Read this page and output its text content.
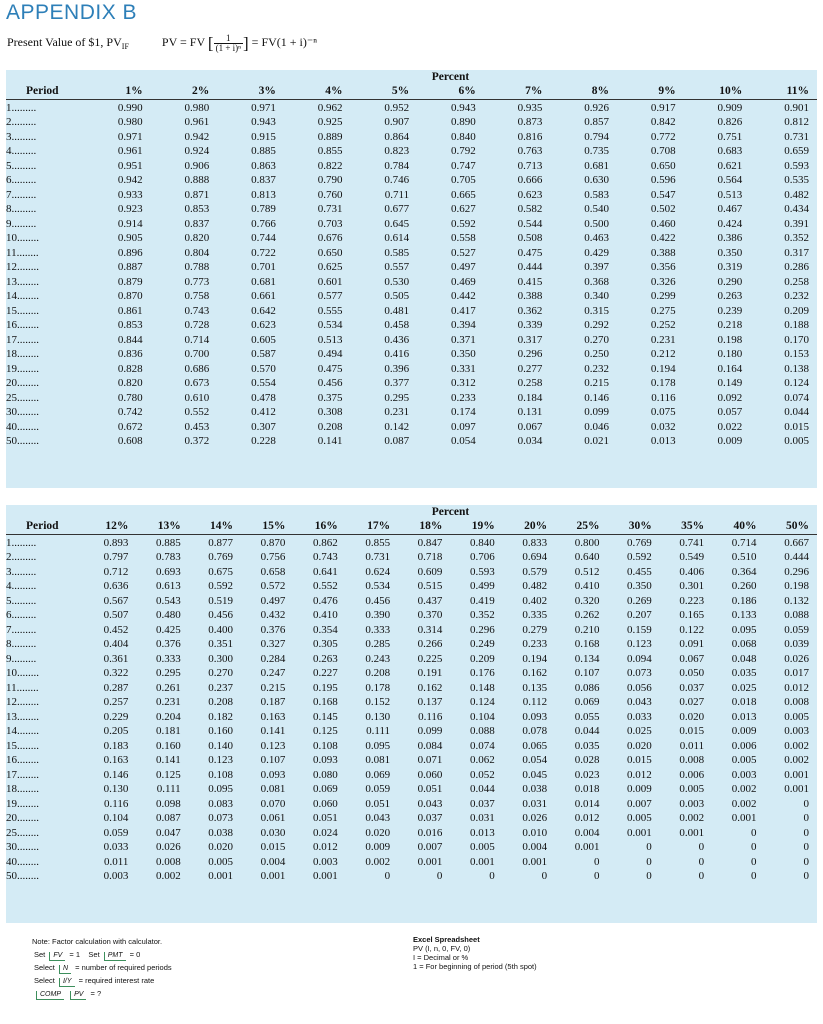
APPENDIX B
Present Value of $1, $PV_{IF}$	PV = FV [ $\frac{1}{\text{(1 + i)ⁿ}}$ ] = FV(1 + i)⁻ⁿ
	Percent										
Period	1%	2%	3%	4%	5%	6%	7%	8%	9%	10%	11%
1.........	0.990	0.980	0.971	0.962	0.952	0.943	0.935	0.926	0.917	0.909	0.901
2.........	0.980	0.961	0.943	0.925	0.907	0.890	0.873	0.857	0.842	0.826	0.812
3.........	0.971	0.942	0.915	0.889	0.864	0.840	0.816	0.794	0.772	0.751	0.731
4.........	0.961	0.924	0.885	0.855	0.823	0.792	0.763	0.735	0.708	0.683	0.659
5.........	0.951	0.906	0.863	0.822	0.784	0.747	0.713	0.681	0.650	0.621	0.593
6.........	0.942	0.888	0.837	0.790	0.746	0.705	0.666	0.630	0.596	0.564	0.535
7.........	0.933	0.871	0.813	0.760	0.711	0.665	0.623	0.583	0.547	0.513	0.482
8.........	0.923	0.853	0.789	0.731	0.677	0.627	0.582	0.540	0.502	0.467	0.434
9.........	0.914	0.837	0.766	0.703	0.645	0.592	0.544	0.500	0.460	0.424	0.391
10........	0.905	0.820	0.744	0.676	0.614	0.558	0.508	0.463	0.422	0.386	0.352
11........	0.896	0.804	0.722	0.650	0.585	0.527	0.475	0.429	0.388	0.350	0.317
12........	0.887	0.788	0.701	0.625	0.557	0.497	0.444	0.397	0.356	0.319	0.286
13........	0.879	0.773	0.681	0.601	0.530	0.469	0.415	0.368	0.326	0.290	0.258
14........	0.870	0.758	0.661	0.577	0.505	0.442	0.388	0.340	0.299	0.263	0.232
15........	0.861	0.743	0.642	0.555	0.481	0.417	0.362	0.315	0.275	0.239	0.209
16........	0.853	0.728	0.623	0.534	0.458	0.394	0.339	0.292	0.252	0.218	0.188
17........	0.844	0.714	0.605	0.513	0.436	0.371	0.317	0.270	0.231	0.198	0.170
18........	0.836	0.700	0.587	0.494	0.416	0.350	0.296	0.250	0.212	0.180	0.153
19........	0.828	0.686	0.570	0.475	0.396	0.331	0.277	0.232	0.194	0.164	0.138
20........	0.820	0.673	0.554	0.456	0.377	0.312	0.258	0.215	0.178	0.149	0.124
25........	0.780	0.610	0.478	0.375	0.295	0.233	0.184	0.146	0.116	0.092	0.074
30........	0.742	0.552	0.412	0.308	0.231	0.174	0.131	0.099	0.075	0.057	0.044
40........	0.672	0.453	0.307	0.208	0.142	0.097	0.067	0.046	0.032	0.022	0.015
50........	0.608	0.372	0.228	0.141	0.087	0.054	0.034	0.021	0.013	0.009	0.005
	Percent													
Period	12%	13%	14%	15%	16%	17%	18%	19%	20%	25%	30%	35%	40%	50%
1.........	0.893	0.885	0.877	0.870	0.862	0.855	0.847	0.840	0.833	0.800	0.769	0.741	0.714	0.667
2.........	0.797	0.783	0.769	0.756	0.743	0.731	0.718	0.706	0.694	0.640	0.592	0.549	0.510	0.444
3.........	0.712	0.693	0.675	0.658	0.641	0.624	0.609	0.593	0.579	0.512	0.455	0.406	0.364	0.296
4.........	0.636	0.613	0.592	0.572	0.552	0.534	0.515	0.499	0.482	0.410	0.350	0.301	0.260	0.198
5.........	0.567	0.543	0.519	0.497	0.476	0.456	0.437	0.419	0.402	0.320	0.269	0.223	0.186	0.132
6.........	0.507	0.480	0.456	0.432	0.410	0.390	0.370	0.352	0.335	0.262	0.207	0.165	0.133	0.088
7.........	0.452	0.425	0.400	0.376	0.354	0.333	0.314	0.296	0.279	0.210	0.159	0.122	0.095	0.059
8.........	0.404	0.376	0.351	0.327	0.305	0.285	0.266	0.249	0.233	0.168	0.123	0.091	0.068	0.039
9.........	0.361	0.333	0.300	0.284	0.263	0.243	0.225	0.209	0.194	0.134	0.094	0.067	0.048	0.026
10........	0.322	0.295	0.270	0.247	0.227	0.208	0.191	0.176	0.162	0.107	0.073	0.050	0.035	0.017
11........	0.287	0.261	0.237	0.215	0.195	0.178	0.162	0.148	0.135	0.086	0.056	0.037	0.025	0.012
12........	0.257	0.231	0.208	0.187	0.168	0.152	0.137	0.124	0.112	0.069	0.043	0.027	0.018	0.008
13........	0.229	0.204	0.182	0.163	0.145	0.130	0.116	0.104	0.093	0.055	0.033	0.020	0.013	0.005
14........	0.205	0.181	0.160	0.141	0.125	0.111	0.099	0.088	0.078	0.044	0.025	0.015	0.009	0.003
15........	0.183	0.160	0.140	0.123	0.108	0.095	0.084	0.074	0.065	0.035	0.020	0.011	0.006	0.002
16........	0.163	0.141	0.123	0.107	0.093	0.081	0.071	0.062	0.054	0.028	0.015	0.008	0.005	0.002
17........	0.146	0.125	0.108	0.093	0.080	0.069	0.060	0.052	0.045	0.023	0.012	0.006	0.003	0.001
18........	0.130	0.111	0.095	0.081	0.069	0.059	0.051	0.044	0.038	0.018	0.009	0.005	0.002	0.001
19........	0.116	0.098	0.083	0.070	0.060	0.051	0.043	0.037	0.031	0.014	0.007	0.003	0.002	0
20........	0.104	0.087	0.073	0.061	0.051	0.043	0.037	0.031	0.026	0.012	0.005	0.002	0.001	0
25........	0.059	0.047	0.038	0.030	0.024	0.020	0.016	0.013	0.010	0.004	0.001	0.001	0	0
30........	0.033	0.026	0.020	0.015	0.012	0.009	0.007	0.005	0.004	0.001	0	0	0	0
40........	0.011	0.008	0.005	0.004	0.003	0.002	0.001	0.001	0.001	0	0	0	0	0
50........	0.003	0.002	0.001	0.001	0.001	0	0	0	0	0	0	0	0	0
Note: Factor calculation with calculator.
Set FV = 1 Set PMT = 0
Select N = number of required periods
Select I/Y = required interest rate
COMP PV = ?
Excel Spreadsheet
PV (I, n, 0, FV, 0)
I = Decimal or %
1 = For beginning of period (5th spot)
